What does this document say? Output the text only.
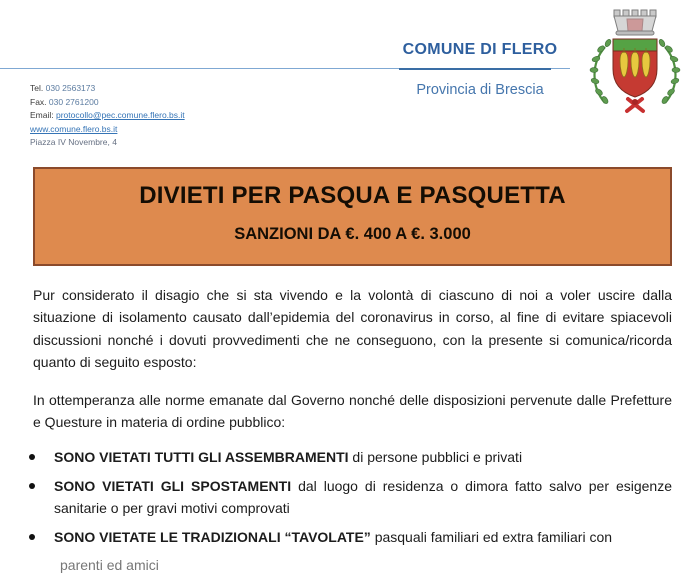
COMUNE DI FLERO
Provincia di Brescia
Tel. 030 2563173
Fax. 030 2761200
Email: protocollo@pec.comune.flero.bs.it
www.comune.flero.bs.it
Piazza IV Novembre, 4
DIVIETI PER PASQUA E PASQUETTA
SANZIONI DA €. 400 A €. 3.000

Pur considerato il disagio che si sta vivendo e la volontà di ciascuno di noi a voler uscire dalla situazione di isolamento causato dall’epidemia del coronavirus in corso, al fine di evitare spiacevoli discussioni nonché i dovuti provvedimenti che ne conseguono, con la presente si comunica/ricorda quanto di seguito esposto:

In ottemperanza alle norme emanate dal Governo nonché delle disposizioni pervenute dalle Prefetture e Questure in materia di ordine pubblico:

SONO VIETATI TUTTI GLI ASSEMBRAMENTI di persone pubblici e privati
SONO VIETATI GLI SPOSTAMENTI dal luogo di residenza o dimora fatto salvo per esigenze sanitarie o per gravi motivi comprovati
SONO VIETATE LE TRADIZIONALI “TAVOLATE” pasquali familiari ed extra familiari con
parenti ed amici
